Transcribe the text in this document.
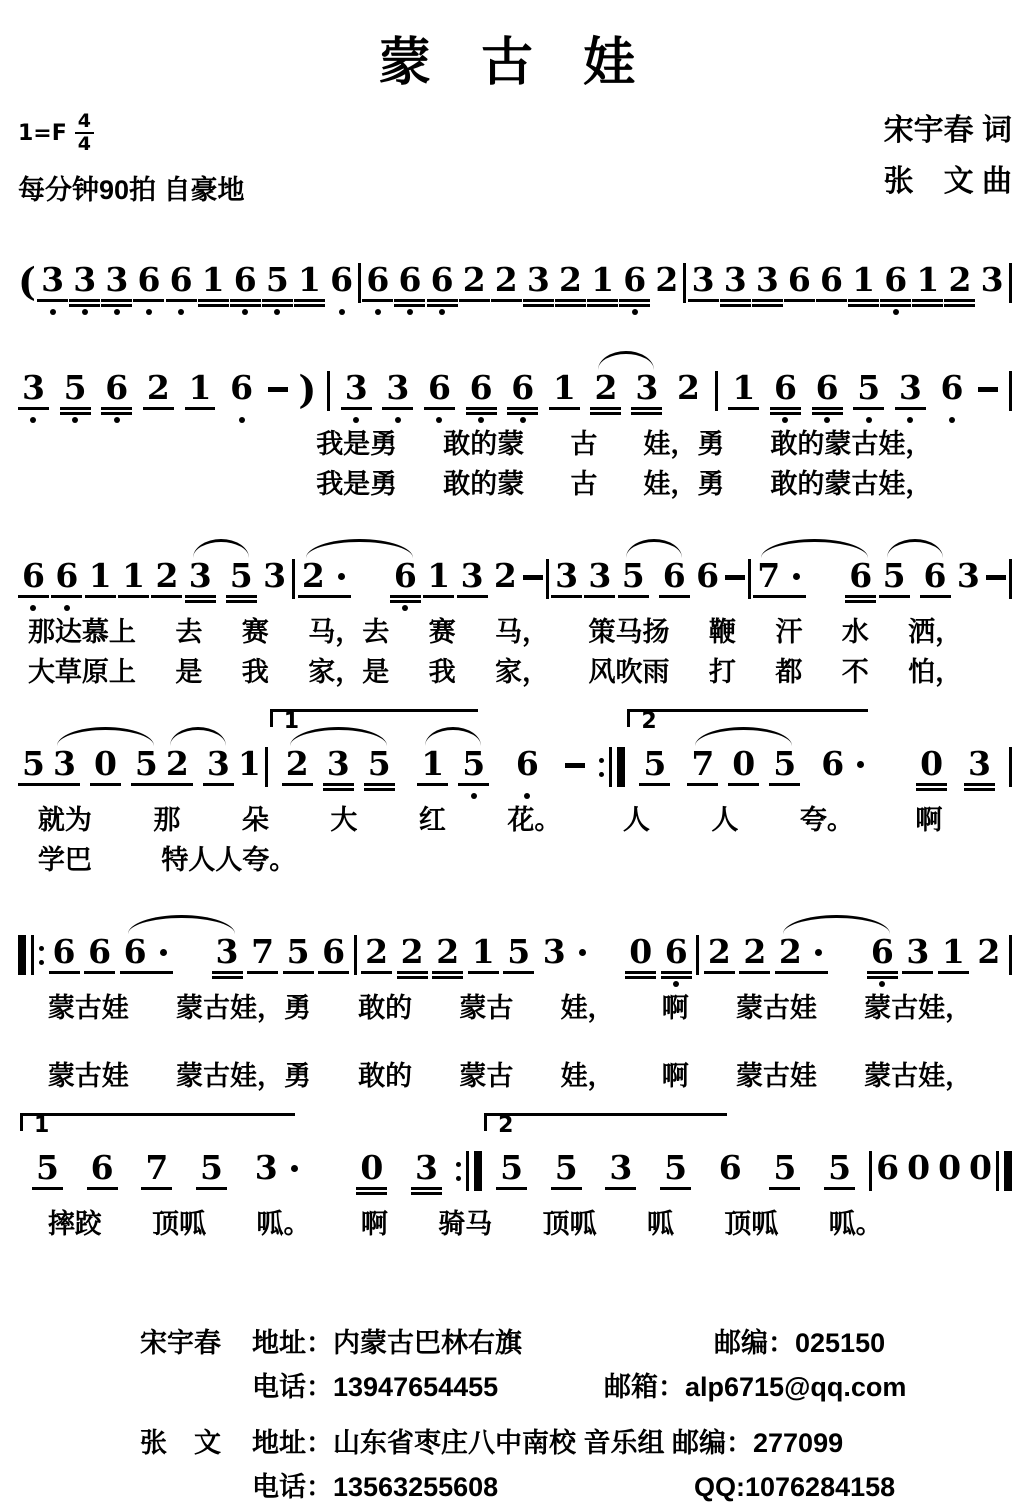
蒙 古 娃
$1=F \frac{4}{4}$
每分钟90拍 自豪地
宋宇春 词
张　文 曲
( 3 3 3 6 6 1 6 5 1 6 6 6 6 2 2 3 2 1 6 2 3 3 3 6 6 1 6 1 2 3
3 5 6 2 1 6 ) 3 3 6 6 6 1 2 3 2 1 6 6 5 3 6
我是勇 敢的蒙 古 娃，勇 敢的蒙古娃，
我是勇 敢的蒙 古 娃，勇 敢的蒙古娃，
6 6 1 1 2 3 5 3 2	6 1 3 2 3 3 5 6 6 7	6 5 6 3
那达慕上 去 赛 马，去 赛 马， 策马扬 鞭 汗 水 洒，
大草原上 是 我 家，是 我 家， 风吹雨 打 都 不 怕，
5 3 0 5 2 3 1
1
2 3 5 1 5 6
2
5 7 0 5 6	0 3
就为 那 朵 大 红 花。 人 人 夸。 啊
学巴	特人人夸。
6 6 6	3 7 5 6 2 2 2 1 5 3	0 6 2 2 2	6 3 1 2
蒙古娃 蒙古娃，勇 敢的 蒙古 娃， 啊 蒙古娃 蒙古娃，
蒙古娃 蒙古娃，勇 敢的 蒙古 娃， 啊 蒙古娃 蒙古娃，
1
5 6 7 5 3	0 3
2
5 5 3 5 6 5 5 6 0 0 0
摔跤 顶呱 呱。 啊 骑马 顶呱 呱 顶呱 呱。
宋宇春	地址：内蒙古巴林右旗	邮编：025150
电话：13947654455	邮箱：alp6715@qq.com
张　文	地址：山东省枣庄八中南校 音乐组 邮编：277099
电话：13563255608	QQ:1076284158
